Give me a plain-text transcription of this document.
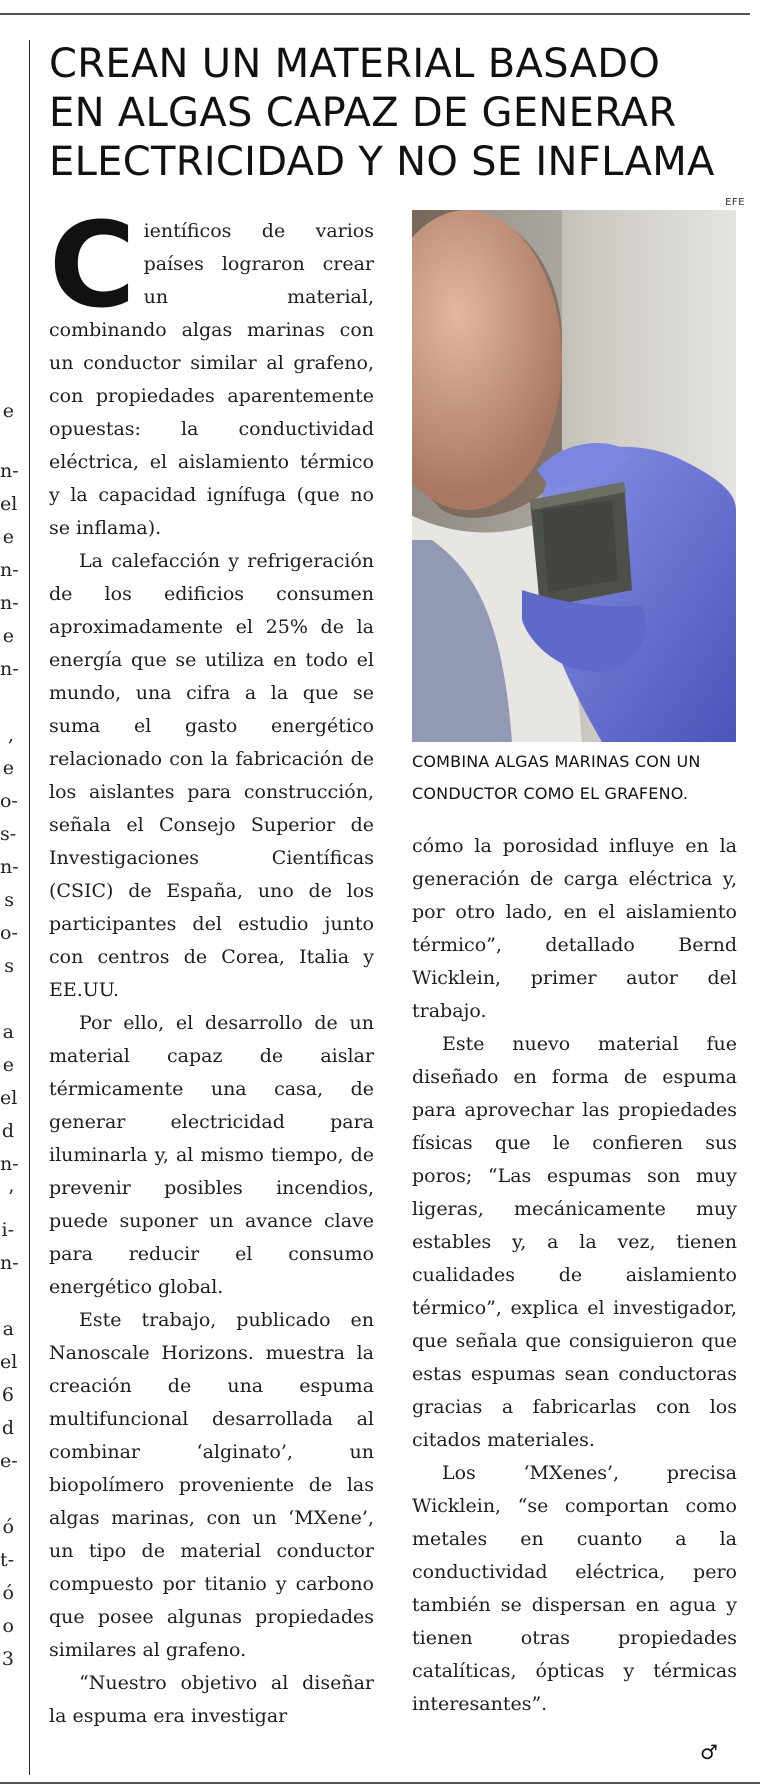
e
n-
el
e
n-
n-
e
n-
,
e
o-
s-
n-
s
o-
s
a
e
el
d
n-
’
i-
n-
a
el
6
d
e-
ó
t-
ó
o
3
CREAN UN MATERIAL BASADO
EN ALGAS CAPAZ DE GENERAR
ELECTRICIDAD Y NO SE INFLAMA
EFE

Científicos de varios países lograron crear un material, combinando algas marinas con un conductor similar al grafeno, con propiedades aparentemente opuestas: la conductividad eléctrica, el aislamiento térmico y la capacidad ignífuga (que no se inflama).

La calefacción y refrigeración de los edificios consumen aproximadamente el 25% de la energía que se utiliza en todo el mundo, una cifra a la que se suma el gasto energético relacionado con la fabricación de los aislantes para construcción, señala el Consejo Superior de Investigaciones Científicas (CSIC) de España, uno de los participantes del estudio junto con centros de Corea, Italia y EE.UU.

Por ello, el desarrollo de un material capaz de aislar térmicamente una casa, de generar electricidad para iluminarla y, al mismo tiempo, de prevenir posibles incendios, puede suponer un avance clave para reducir el consumo energético global.

Este trabajo, publicado en Nanoscale Horizons. muestra la creación de una espuma multifuncional desarrollada al combinar ‘alginato’, un biopolímero proveniente de las algas marinas, con un ‘MXene’, un tipo de material conductor compuesto por titanio y carbono que posee algunas propiedades similares al grafeno.

“Nuestro objetivo al diseñar la espuma era investigar

COMBINA ALGAS MARINAS CON UN
CONDUCTOR COMO EL GRAFENO.

cómo la porosidad influye en la generación de carga eléctrica y, por otro lado, en el aislamiento térmico”, detallado Bernd Wicklein, primer autor del trabajo.

Este nuevo material fue diseñado en forma de espuma para aprovechar las propiedades físicas que le confieren sus poros; “Las espumas son muy ligeras, mecánicamente muy estables y, a la vez, tienen cualidades de aislamiento térmico”, explica el investigador, que señala que consiguieron que estas espumas sean conductoras gracias a fabricarlas con los citados materiales.

Los ‘MXenes’, precisa Wicklein, “se comportan como metales en cuanto a la conductividad eléctrica, pero también se dispersan en agua y tienen otras propiedades catalíticas, ópticas y térmicas interesantes”.

♂
